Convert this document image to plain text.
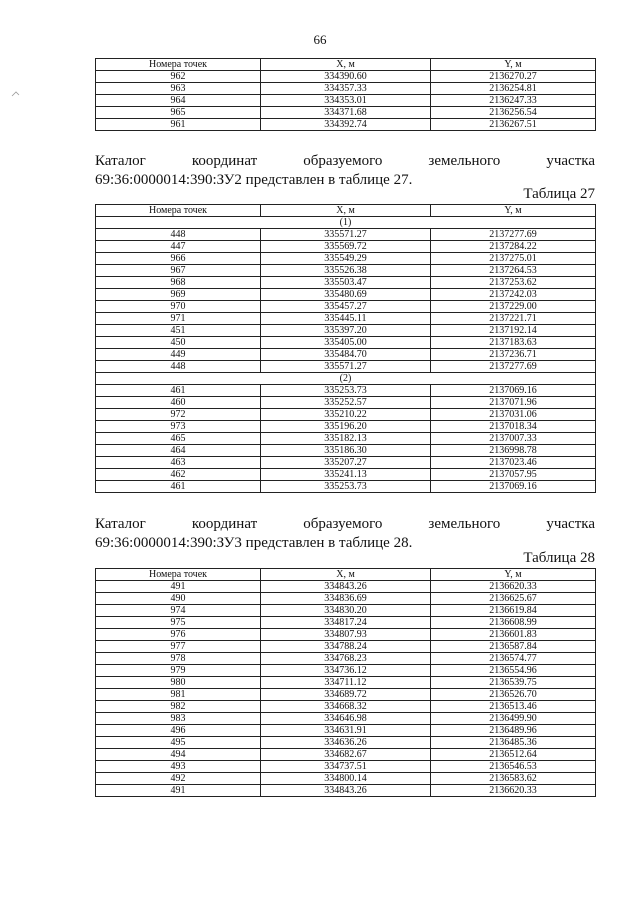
66
Номера точек	X, м	Y, м
962	334390.60	2136270.27
963	334357.33	2136254.81
964	334353.01	2136247.33
965	334371.68	2136256.54
961	334392.74	2136267.51
Каталог	координат	образуемого	земельного	участка
69:36:0000014:390:ЗУ2 представлен в таблице 27.
Таблица 27
Номера точек	X, м	Y, м
(1)		
448	335571.27	2137277.69
447	335569.72	2137284.22
966	335549.29	2137275.01
967	335526.38	2137264.53
968	335503.47	2137253.62
969	335480.69	2137242.03
970	335457.27	2137229.00
971	335445.11	2137221.71
451	335397.20	2137192.14
450	335405.00	2137183.63
449	335484.70	2137236.71
448	335571.27	2137277.69
(2)		
461	335253.73	2137069.16
460	335252.57	2137071.96
972	335210.22	2137031.06
973	335196.20	2137018.34
465	335182.13	2137007.33
464	335186.30	2136998.78
463	335207.27	2137023.46
462	335241.13	2137057.95
461	335253.73	2137069.16
Каталог	координат	образуемого	земельного	участка
69:36:0000014:390:ЗУ3 представлен в таблице 28.
Таблица 28
Номера точек	X, м	Y, м
491	334843.26	2136620.33
490	334836.69	2136625.67
974	334830.20	2136619.84
975	334817.24	2136608.99
976	334807.93	2136601.83
977	334788.24	2136587.84
978	334768.23	2136574.77
979	334736.12	2136554.96
980	334711.12	2136539.75
981	334689.72	2136526.70
982	334668.32	2136513.46
983	334646.98	2136499.90
496	334631.91	2136489.96
495	334636.26	2136485.36
494	334682.67	2136512.64
493	334737.51	2136546.53
492	334800.14	2136583.62
491	334843.26	2136620.33
